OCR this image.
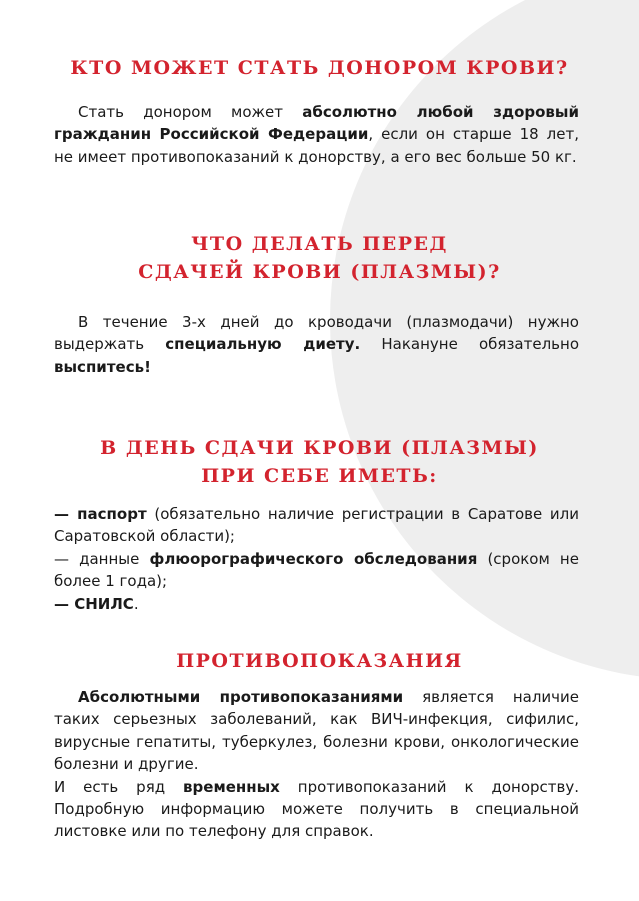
КТО МОЖЕТ СТАТЬ ДОНОРОМ КРОВИ?

Стать донором может абсолютно любой здоровый гражданин Российской Федерации, если он старше 18 лет, не имеет противопоказаний к донорству, а его вес больше 50 кг.

ЧТО ДЕЛАТЬ ПЕРЕД
СДАЧЕЙ КРОВИ (ПЛАЗМЫ)?

В течение 3-х дней до кроводачи (плазмодачи) нужно выдержать специальную диету. Накануне обязательно выспитесь!

В ДЕНЬ СДАЧИ КРОВИ (ПЛАЗМЫ)
ПРИ СЕБЕ ИМЕТЬ:
— паспорт (обязательно наличие регистрации в Саратове или Саратовской области);
— данные флюорографического обследования (сроком не более 1 года);
— СНИЛС.
ПРОТИВОПОКАЗАНИЯ
Абсолютными противопоказаниями является наличие таких серьезных заболеваний, как ВИЧ-инфекция, сифилис, вирусные гепатиты, туберкулез, болезни крови, онкологические болезни и другие.
И есть ряд временных противопоказаний к донорству. Подробную информацию можете получить в специальной листовке или по телефону для справок.
